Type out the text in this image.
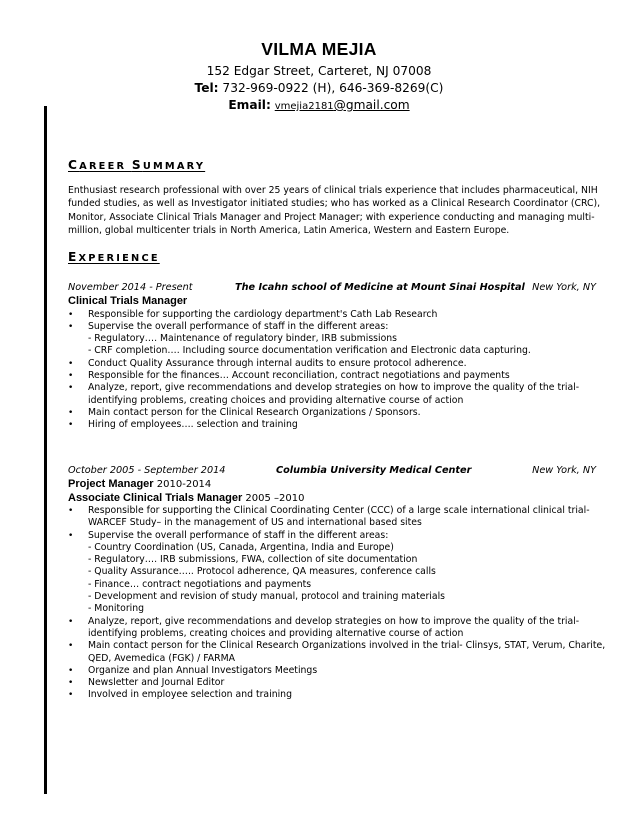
VILMA MEJIA
152 Edgar Street, Carteret, NJ 07008
Tel: 732-969-0922 (H), 646-369-8269(C)
Email: vmejia2181@gmail.com
CAREER SUMMARY
Enthusiast research professional with over 25 years of clinical trials experience that includes pharmaceutical, NIH funded studies, as well as Investigator initiated studies; who has worked as a Clinical Research Coordinator (CRC), Monitor, Associate Clinical Trials Manager and Project Manager; with experience conducting and managing multi-million, global multicenter trials in North America, Latin America, Western and Eastern Europe.
EXPERIENCE
November 2014 - Present	The Icahn school of Medicine at Mount Sinai Hospital New York, NY
Clinical Trials Manager
• Responsible for supporting the cardiology department's Cath Lab Research
• Supervise the overall performance of staff in the different areas:
- Regulatory…. Maintenance of regulatory binder, IRB submissions
- CRF completion…. Including source documentation verification and Electronic data capturing.
• Conduct Quality Assurance through internal audits to ensure protocol adherence.
• Responsible for the finances… Account reconciliation, contract negotiations and payments
• Analyze, report, give recommendations and develop strategies on how to improve the quality of the trial-
identifying problems, creating choices and providing alternative course of action
• Main contact person for the Clinical Research Organizations / Sponsors.
• Hiring of employees…. selection and training
October 2005 - September 2014	Columbia University Medical Center	New York, NY
Project Manager 2010-2014
Associate Clinical Trials Manager 2005 –2010
• Responsible for supporting the Clinical Coordinating Center (CCC) of a large scale international clinical trial-
WARCEF Study– in the management of US and international based sites
• Supervise the overall performance of staff in the different areas:
- Country Coordination (US, Canada, Argentina, India and Europe)
- Regulatory…. IRB submissions, FWA, collection of site documentation
- Quality Assurance….. Protocol adherence, QA measures, conference calls
- Finance… contract negotiations and payments
- Development and revision of study manual, protocol and training materials
- Monitoring
• Analyze, report, give recommendations and develop strategies on how to improve the quality of the trial-
identifying problems, creating choices and providing alternative course of action
• Main contact person for the Clinical Research Organizations involved in the trial- Clinsys, STAT, Verum, Charite,
QED, Avemedica (FGK) / FARMA
• Organize and plan Annual Investigators Meetings
• Newsletter and Journal Editor
• Involved in employee selection and training
